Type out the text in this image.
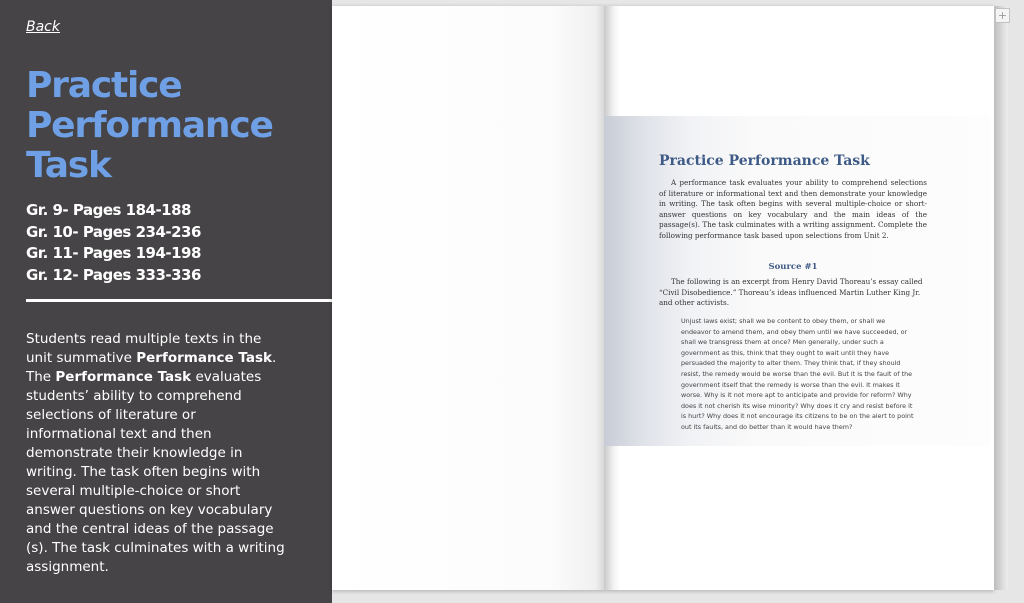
Back
Practice
Performance
Task
Gr. 9- Pages 184-188
Gr. 10- Pages 234-236
Gr. 11- Pages 194-198
Gr. 12- Pages 333-336

Students read multiple texts in the unit summative Performance Task. The Performance Task evaluates students’ ability to comprehend selections of literature or informational text and then demonstrate their knowledge in writing. The task often begins with several multiple-choice or short answer questions on key vocabulary and the central ideas of the passage (s). The task culminates with a writing assignment.

Practice Performance Task

A performance task evaluates your ability to comprehend selections of literature or informational text and then demonstrate your knowledge in writing. The task often begins with several multiple-choice or short-answer questions on key vocabulary and the main ideas of the passage(s). The task culminates with a writing assignment. Complete the following performance task based upon selections from Unit 2.

Source #1

The following is an excerpt from Henry David Thoreau’s essay called “Civil Disobedience.” Thoreau’s ideas influenced Martin Luther King Jr. and other activists.

Unjust laws exist; shall we be content to obey them, or shall we endeavor to amend them, and obey them until we have succeeded, or shall we transgress them at once? Men generally, under such a government as this, think that they ought to wait until they have persuaded the majority to alter them. They think that, if they should resist, the remedy would be worse than the evil. But it is the fault of the government itself that the remedy is worse than the evil. It makes it worse. Why is it not more apt to anticipate and provide for reform? Why does it not cherish its wise minority? Why does it cry and resist before it is hurt? Why does it not encourage its citizens to be on the alert to point out its faults, and do better than it would have them?

+
